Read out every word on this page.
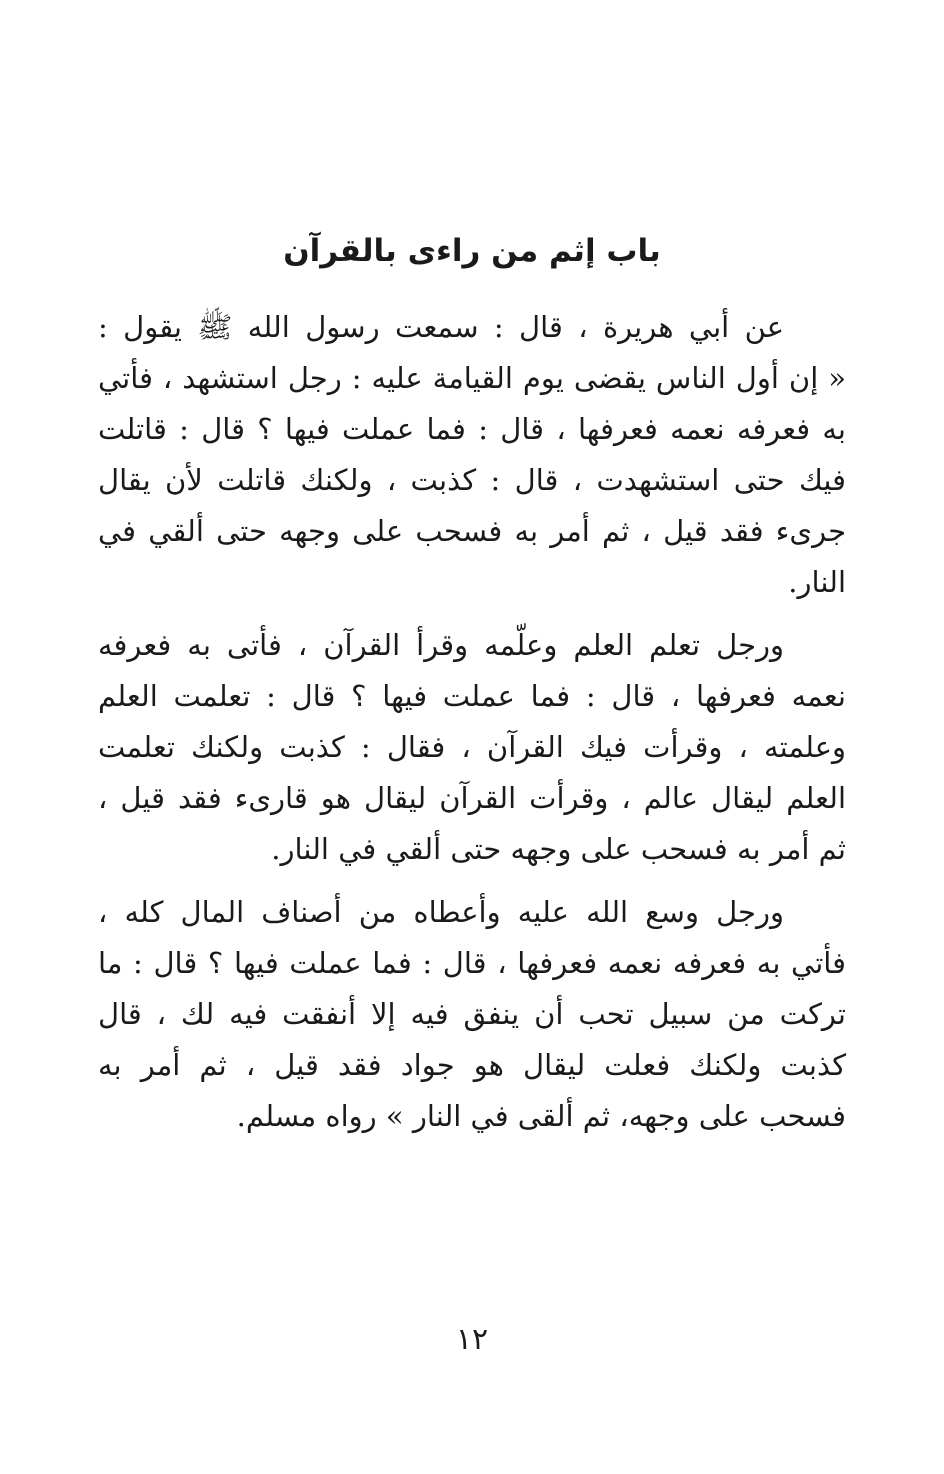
باب إثم من راءى بالقرآن
عن أبي هريرة ، قال : سمعت رسول الله ﷺ يقول :
« إن أول الناس يقضى يوم القيامة عليه : رجل استشهد ، فأتي
به فعرفه نعمه فعرفها ، قال : فما عملت فيها ؟ قال : قاتلت
فيك حتى استشهدت ، قال : كذبت ، ولكنك قاتلت لأن يقال
جرىء فقد قيل ، ثم أمر به فسحب على وجهه حتى ألقي في
النار.
ورجل تعلم العلم وعلّمه وقرأ القرآن ، فأتى به فعرفه
نعمه فعرفها ، قال : فما عملت فيها ؟ قال : تعلمت العلم
وعلمته ، وقرأت فيك القرآن ، فقال : كذبت ولكنك تعلمت
العلم ليقال عالم ، وقرأت القرآن ليقال هو قارىء فقد قيل ،
ثم أمر به فسحب على وجهه حتى ألقي في النار.
ورجل وسع الله عليه وأعطاه من أصناف المال كله ،
فأتي به فعرفه نعمه فعرفها ، قال : فما عملت فيها ؟ قال : ما
تركت من سبيل تحب أن ينفق فيه إلا أنفقت فيه لك ، قال
كذبت ولكنك فعلت ليقال هو جواد فقد قيل ، ثم أمر به
فسحب على وجهه، ثم ألقى في النار » رواه مسلم.
١٢
